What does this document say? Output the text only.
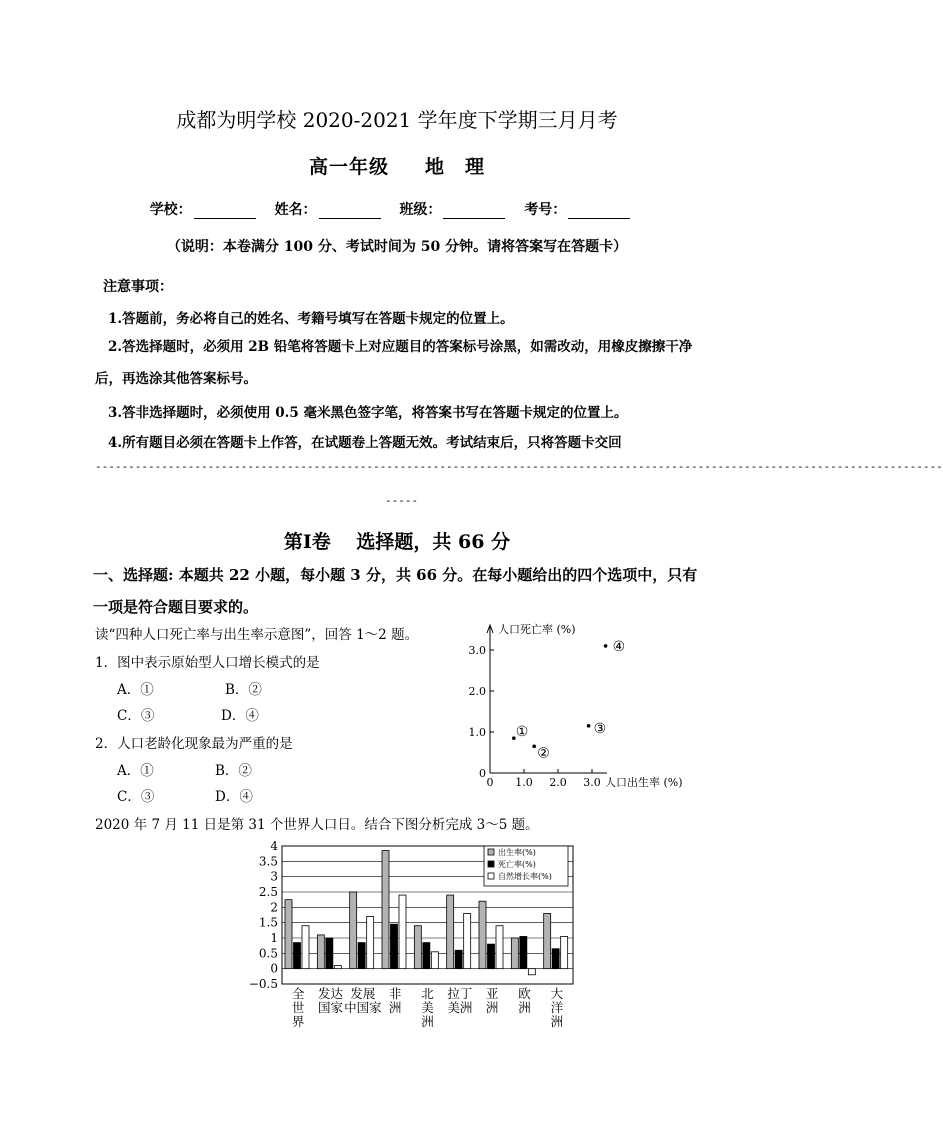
成都为明学校 2020-2021 学年度下学期三月月考
高一年级 地　理
学校：	姓名：	班级：	考号：
（说明：本卷满分 100 分、考试时间为 50 分钟。请将答案写在答题卡）
注意事项：
1.答题前，务必将自己的姓名、考籍号填写在答题卡规定的位置上。
2.答选择题时，必须用 2B 铅笔将答题卡上对应题目的答案标号涂黑，如需改动，用橡皮擦擦干净后，再选涂其他答案标号。
3.答非选择题时，必须使用 0.5 毫米黑色签字笔，将答案书写在答题卡规定的位置上。
4.所有题目必须在答题卡上作答，在试题卷上答题无效。考试结束后，只将答题卡交回
--------------------------------------------------------------------------------------------------------------------------------
-----
第Ⅰ卷　 选择题，共 66 分
一、选择题: 本题共 22 小题，每小题 3 分，共 66 分。在每小题给出的四个选项中，只有一项是符合题目要求的。
读“四种人口死亡率与出生率示意图”，回答 1～2 题。
1．图中表示原始型人口增长模式的是
A．①	B．②
C．③	D．④
2．人口老龄化现象最为严重的是
A．①	B．②
C．③	D．④
2020 年 7 月 11 日是第 31 个世界人口日。结合下图分析完成 3～5 题。
人口死亡率 (%)
人口出生率 (%)
1.0
1.0
2.0
2.0
3.0
3.0
0
0
①
②
③
④
4
3.5
3
2.5
2
1.5
1
0.5
0
−0.5
全
世
界
发达
国家
发展
中国家
非
洲
北
美
洲
拉丁
美洲
亚
洲
欧
洲
大
洋
洲
出生率(%)
死亡率(%)
自然增长率(%)
